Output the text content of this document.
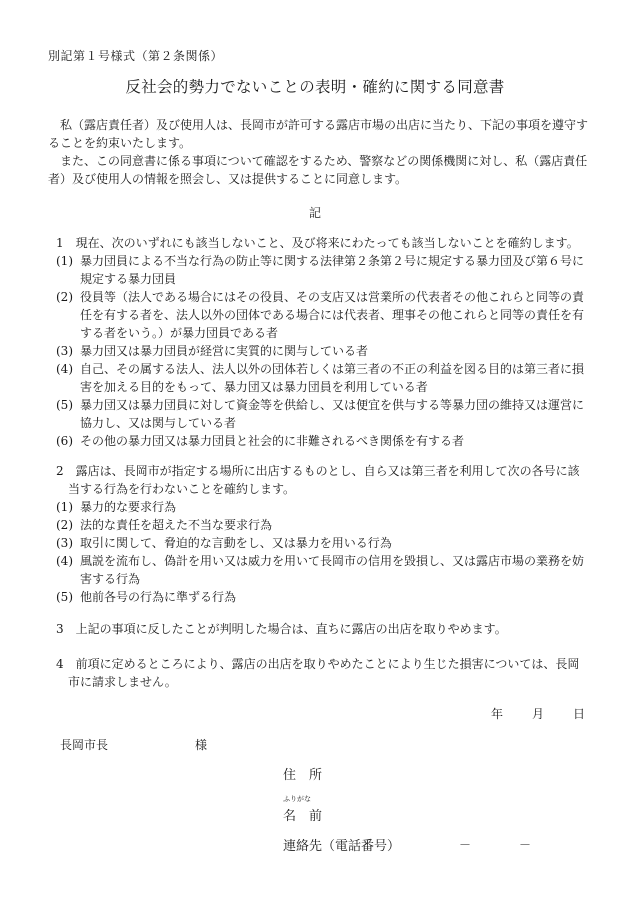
別記第１号様式（第２条関係）
反社会的勢力でないことの表明・確約に関する同意書
私（露店責任者）及び使用人は、長岡市が許可する露店市場の出店に当たり、下記の事項を遵守することを約束いたします。
また、この同意書に係る事項について確認をするため、警察などの関係機関に対し、私（露店責任者）及び使用人の情報を照会し、又は提供することに同意します。
記
1　 現在、次のいずれにも該当しないこと、及び将来にわたっても該当しないことを確約します。
(1) 暴力団員による不当な行為の防止等に関する法律第２条第２号に規定する暴力団及び第６号に規定する暴力団員
(2) 役員等（法人である場合にはその役員、その支店又は営業所の代表者その他これらと同等の責任を有する者を、法人以外の団体である場合には代表者、理事その他これらと同等の責任を有する者をいう。）が暴力団員である者
(3) 暴力団又は暴力団員が経営に実質的に関与している者
(4) 自己、その属する法人、法人以外の団体若しくは第三者の不正の利益を図る目的は第三者に損害を加える目的をもって、暴力団又は暴力団員を利用している者
(5) 暴力団又は暴力団員に対して資金等を供給し、又は便宜を供与する等暴力団の維持又は運営に協力し、又は関与している者
(6) その他の暴力団又は暴力団員と社会的に非難されるべき関係を有する者
2　 露店は、長岡市が指定する場所に出店するものとし、自ら又は第三者を利用して次の各号に該当する行為を行わないことを確約します。
(1) 暴力的な要求行為
(2) 法的な責任を超えた不当な要求行為
(3) 取引に関して、脅迫的な言動をし、又は暴力を用いる行為
(4) 風説を流布し、偽計を用い又は威力を用いて長岡市の信用を毀損し、又は露店市場の業務を妨害する行為
(5) 他前各号の行為に準ずる行為
3　 上記の事項に反したことが判明した場合は、直ちに露店の出店を取りやめます。
4　 前項に定めるところにより、露店の出店を取りやめたことにより生じた損害については、長岡市に請求しません。
年 月 日
長岡市長	様
住　所
ふりがな
名　前
連絡先（電話番号）	－	－
